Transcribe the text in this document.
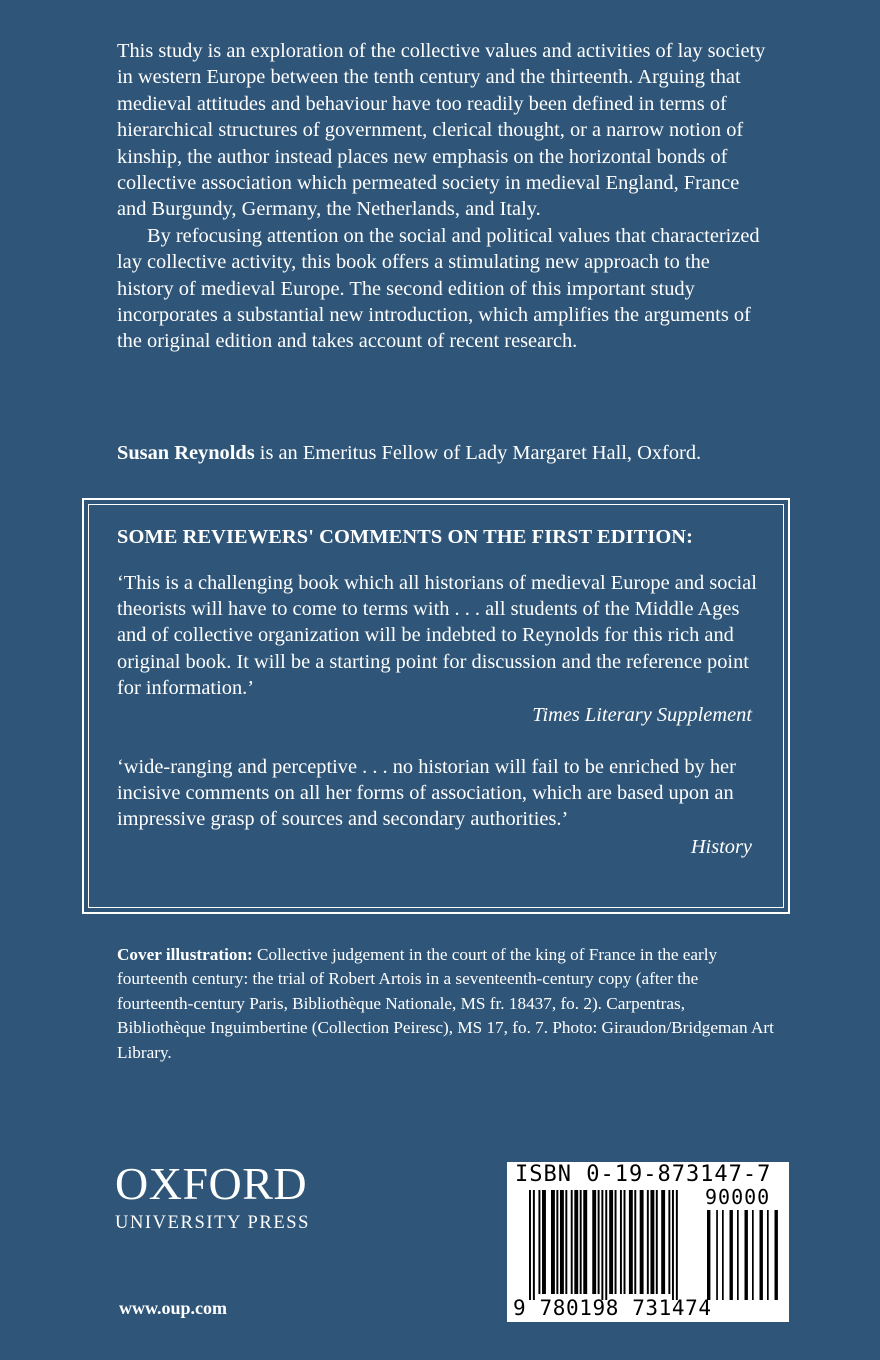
This study is an exploration of the collective values and activities of lay society in western Europe between the tenth century and the thirteenth. Arguing that medieval attitudes and behaviour have too readily been defined in terms of hierarchical structures of government, clerical thought, or a narrow notion of kinship, the author instead places new emphasis on the horizontal bonds of collective association which permeated society in medieval England, France and Burgundy, Germany, the Netherlands, and Italy.

By refocusing attention on the social and political values that characterized lay collective activity, this book offers a stimulating new approach to the history of medieval Europe. The second edition of this important study incorporates a substantial new introduction, which amplifies the arguments of the original edition and takes account of recent research.

Susan Reynolds is an Emeritus Fellow of Lady Margaret Hall, Oxford.

SOME REVIEWERS' COMMENTS ON THE FIRST EDITION:

‘This is a challenging book which all historians of medieval Europe and social theorists will have to come to terms with . . . all students of the Middle Ages and of collective organization will be indebted to Reynolds for this rich and original book. It will be a starting point for discussion and the reference point for information.’

Times Literary Supplement

‘wide-ranging and perceptive . . . no historian will fail to be enriched by her incisive comments on all her forms of association, which are based upon an impressive grasp of sources and secondary authorities.’

History

Cover illustration: Collective judgement in the court of the king of France in the early fourteenth century: the trial of Robert Artois in a seventeenth-century copy (after the fourteenth-century Paris, Bibliothèque Nationale, MS fr. 18437, fo. 2). Carpentras, Bibliothèque Inguimbertine (Collection Peiresc), MS 17, fo. 7. Photo: Giraudon/Bridgeman Art Library.

OXFORD
UNIVERSITY PRESS
www.oup.com
ISBN 0-19-873147-7
90000
9 780198 731474
